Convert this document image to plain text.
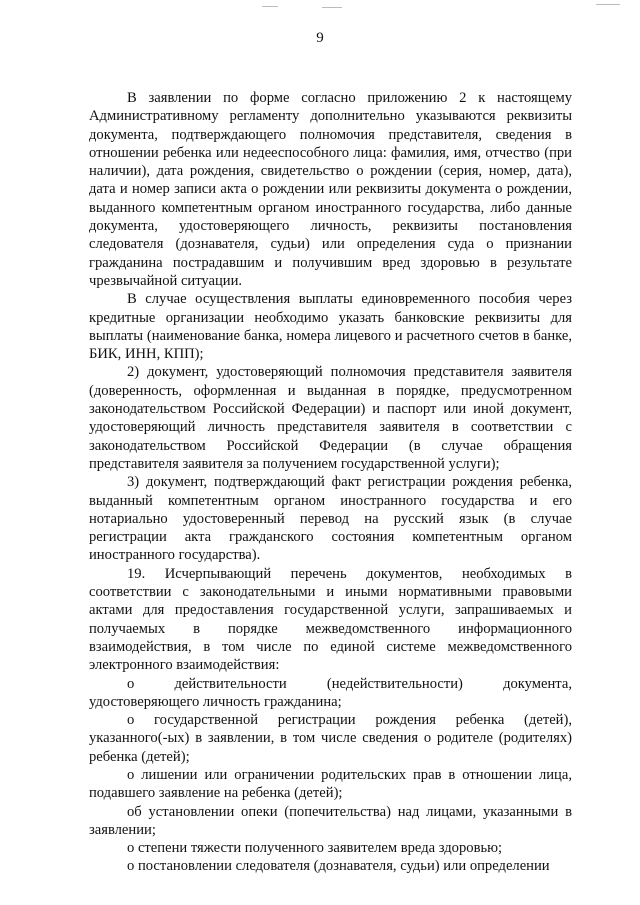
9

В заявлении по форме согласно приложению 2 к настоящему Административному регламенту дополнительно указываются реквизиты документа, подтверждающего полномочия представителя, сведения в отношении ребенка или недееспособного лица: фамилия, имя, отчество (при наличии), дата рождения, свидетельство о рождении (серия, номер, дата), дата и номер записи акта о рождении или реквизиты документа о рождении, выданного компетентным органом иностранного государства, либо данные документа, удостоверяющего личность, реквизиты постановления следователя (дознавателя, судьи) или определения суда о признании гражданина пострадавшим и получившим вред здоровью в результате чрезвычайной ситуации.

В случае осуществления выплаты единовременного пособия через кредитные организации необходимо указать банковские реквизиты для выплаты (наименование банка, номера лицевого и расчетного счетов в банке, БИК, ИНН, КПП);

2) документ, удостоверяющий полномочия представителя заявителя (доверенность, оформленная и выданная в порядке, предусмотренном законодательством Российской Федерации) и паспорт или иной документ, удостоверяющий личность представителя заявителя в соответствии с законодательством Российской Федерации (в случае обращения представителя заявителя за получением государственной услуги);

3) документ, подтверждающий факт регистрации рождения ребенка, выданный компетентным органом иностранного государства и его нотариально удостоверенный перевод на русский язык (в случае регистрации акта гражданского состояния компетентным органом иностранного государства).

19. Исчерпывающий перечень документов, необходимых в соответствии с законодательными и иными нормативными правовыми актами для предоставления государственной услуги, запрашиваемых и получаемых в порядке межведомственного информационного взаимодействия, в том числе по единой системе межведомственного электронного взаимодействия:

о действительности (недействительности) документа, удостоверяющего личность гражданина;

о государственной регистрации рождения ребенка (детей), указанного(-ых) в заявлении, в том числе сведения о родителе (родителях) ребенка (детей);

о лишении или ограничении родительских прав в отношении лица, подавшего заявление на ребенка (детей);

об установлении опеки (попечительства) над лицами, указанными в заявлении;

о степени тяжести полученного заявителем вреда здоровью;

о постановлении следователя (дознавателя, судьи) или определении
